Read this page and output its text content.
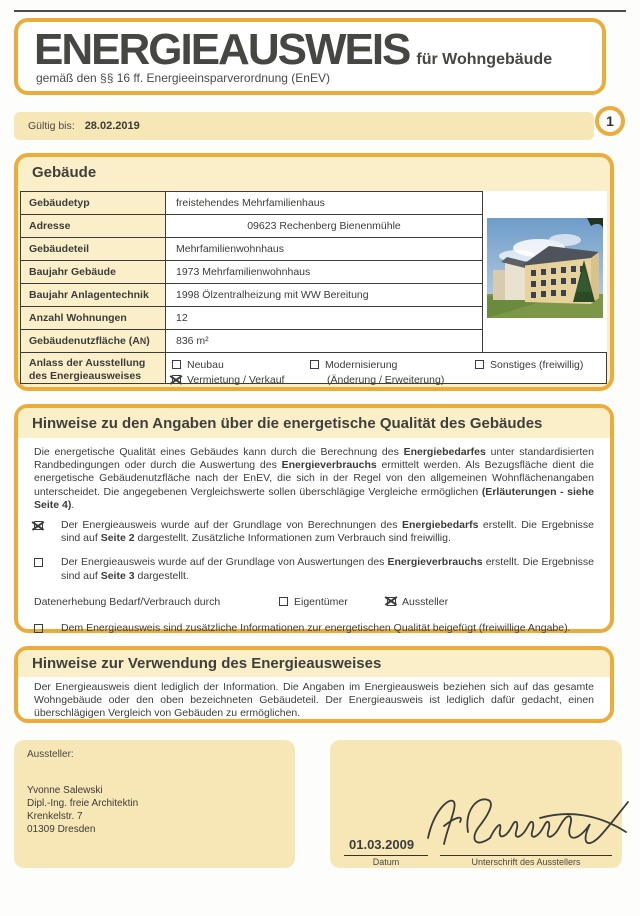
ENERGIEAUSWEIS für Wohngebäude
gemäß den §§ 16 ff. Energieeinsparverordnung (EnEV)
Gültig bis: 28.02.2019	1
Gebäude
Gebäudetyp	freistehendes Mehrfamilienhaus
Adresse	09623 Rechenberg Bienenmühle
Gebäudeteil	Mehrfamilienwohnhaus
Baujahr Gebäude	1973 Mehrfamilienwohnhaus
Baujahr Anlagentechnik	1998 Ölzentralheizung mit WW Bereitung
Anzahl Wohnungen	12
Gebäudenutzfläche (A N )	836 m²
Anlass der Ausstellung
des Energieausweises
Neubau
Vermietung / Verkauf
Modernisierung
(Änderung / Erweiterung)
Sonstiges (freiwillig)
Hinweise zu den Angaben über die energetische Qualität des Gebäudes
Die energetische Qualität eines Gebäudes kann durch die Berechnung des Energiebedarfes unter standardisierten Randbedingungen oder durch die Auswertung des Energieverbrauchs ermittelt werden. Als Bezugsfläche dient die energetische Gebäudenutzfläche nach der EnEV, die sich in der Regel von den allgemeinen Wohnflächenangaben unterscheidet. Die angegebenen Vergleichswerte sollen überschlägige Vergleiche ermöglichen (Erläuterungen - siehe Seite 4).
Der Energieausweis wurde auf der Grundlage von Berechnungen des Energiebedarfs erstellt. Die Ergebnisse sind auf Seite 2 dargestellt. Zusätzliche Informationen zum Verbrauch sind freiwillig.
Der Energieausweis wurde auf der Grundlage von Auswertungen des Energieverbrauchs erstellt. Die Ergebnisse sind auf Seite 3 dargestellt.
Datenerhebung Bedarf/Verbrauch durch	Eigentümer	Aussteller
Dem Energieausweis sind zusätzliche Informationen zur energetischen Qualität beigefügt (freiwillige Angabe).
Hinweise zur Verwendung des Energieausweises
Der Energieausweis dient lediglich der Information. Die Angaben im Energieausweis beziehen sich auf das gesamte Wohngebäude oder den oben bezeichneten Gebäudeteil. Der Energieausweis ist lediglich dafür gedacht, einen überschlägigen Vergleich von Gebäuden zu ermöglichen.
Aussteller:
Yvonne Salewski
Dipl.-Ing. freie Architektin
Krenkelstr. 7
01309 Dresden
01.03.2009
Datum	Unterschrift des Ausstellers
